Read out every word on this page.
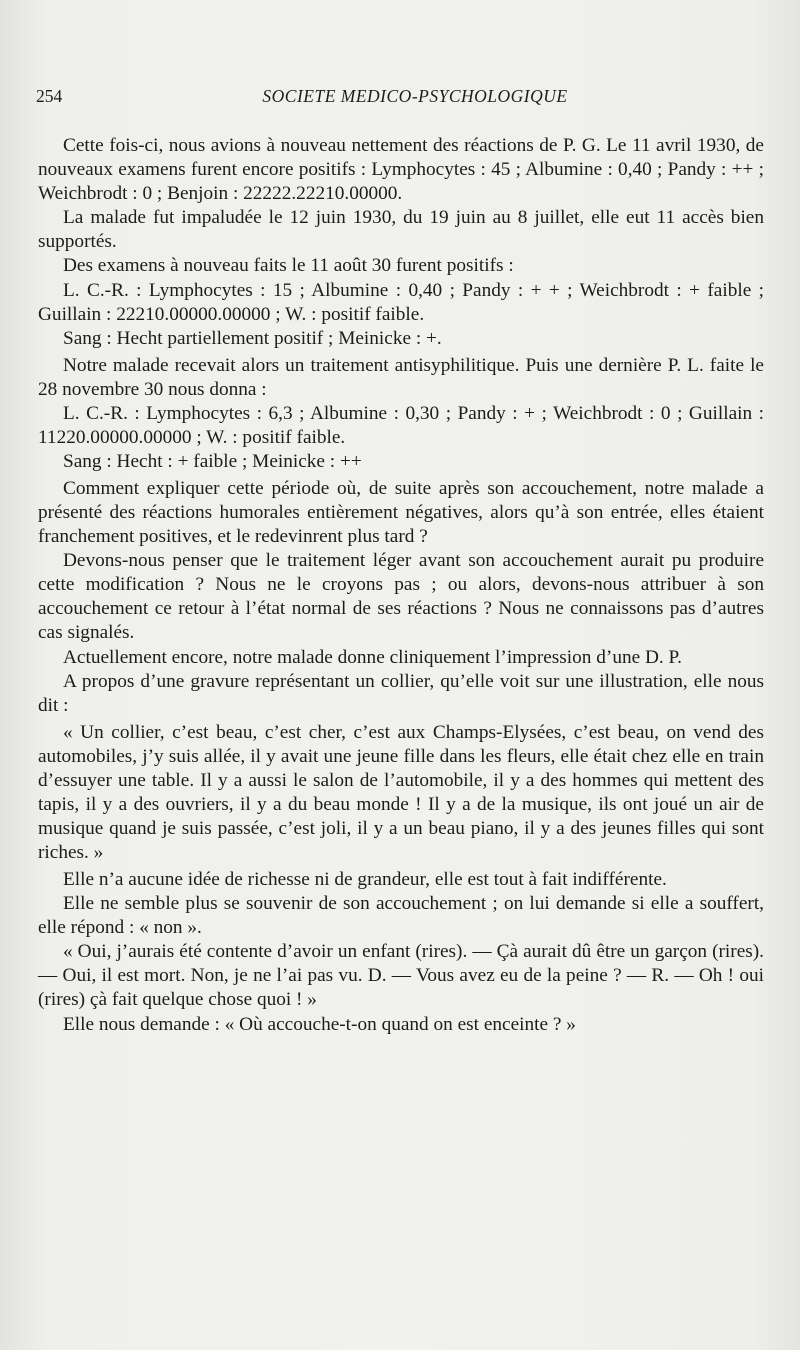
254	SOCIETE MEDICO-PSYCHOLOGIQUE

Cette fois-ci, nous avions à nouveau nettement des réactions de P. G. Le 11 avril 1930, de nouveaux examens furent encore positifs : Lymphocytes : 45 ; Albumine : 0,40 ; Pandy : ++ ; Weichbrodt : 0 ; Benjoin : 22222.22210.00000.

La malade fut impaludée le 12 juin 1930, du 19 juin au 8 juillet, elle eut 11 accès bien supportés.

Des examens à nouveau faits le 11 août 30 furent positifs :

L. C.-R. : Lymphocytes : 15 ; Albumine : 0,40 ; Pandy : + + ; Weichbrodt : + faible ; Guillain : 22210.00000.00000 ; W. : positif faible.

Sang : Hecht partiellement positif ; Meinicke : +.

Notre malade recevait alors un traitement antisyphilitique. Puis une dernière P. L. faite le 28 novembre 30 nous donna :

L. C.-R. : Lymphocytes : 6,3 ; Albumine : 0,30 ; Pandy : + ; Weichbrodt : 0 ; Guillain : 11220.00000.00000 ; W. : positif faible.

Sang : Hecht : + faible ; Meinicke : ++

Comment expliquer cette période où, de suite après son accouchement, notre malade a présenté des réactions humorales entièrement négatives, alors qu’à son entrée, elles étaient franchement positives, et le redevinrent plus tard ?

Devons-nous penser que le traitement léger avant son accouchement aurait pu produire cette modification ? Nous ne le croyons pas ; ou alors, devons-nous attribuer à son accouchement ce retour à l’état normal de ses réactions ? Nous ne connaissons pas d’autres cas signalés.

Actuellement encore, notre malade donne cliniquement l’impression d’une D. P.

A propos d’une gravure représentant un collier, qu’elle voit sur une illustration, elle nous dit :

« Un collier, c’est beau, c’est cher, c’est aux Champs-Elysées, c’est beau, on vend des automobiles, j’y suis allée, il y avait une jeune fille dans les fleurs, elle était chez elle en train d’essuyer une table. Il y a aussi le salon de l’automobile, il y a des hommes qui mettent des tapis, il y a des ouvriers, il y a du beau monde ! Il y a de la musique, ils ont joué un air de musique quand je suis passée, c’est joli, il y a un beau piano, il y a des jeunes filles qui sont riches. »

Elle n’a aucune idée de richesse ni de grandeur, elle est tout à fait indifférente.

Elle ne semble plus se souvenir de son accouchement ; on lui demande si elle a souffert, elle répond : « non ».

« Oui, j’aurais été contente d’avoir un enfant (rires). — Çà aurait dû être un garçon (rires). — Oui, il est mort. Non, je ne l’ai pas vu. D. — Vous avez eu de la peine ? — R. — Oh ! oui (rires) çà fait quelque chose quoi ! »

Elle nous demande : « Où accouche-t-on quand on est enceinte ? »
